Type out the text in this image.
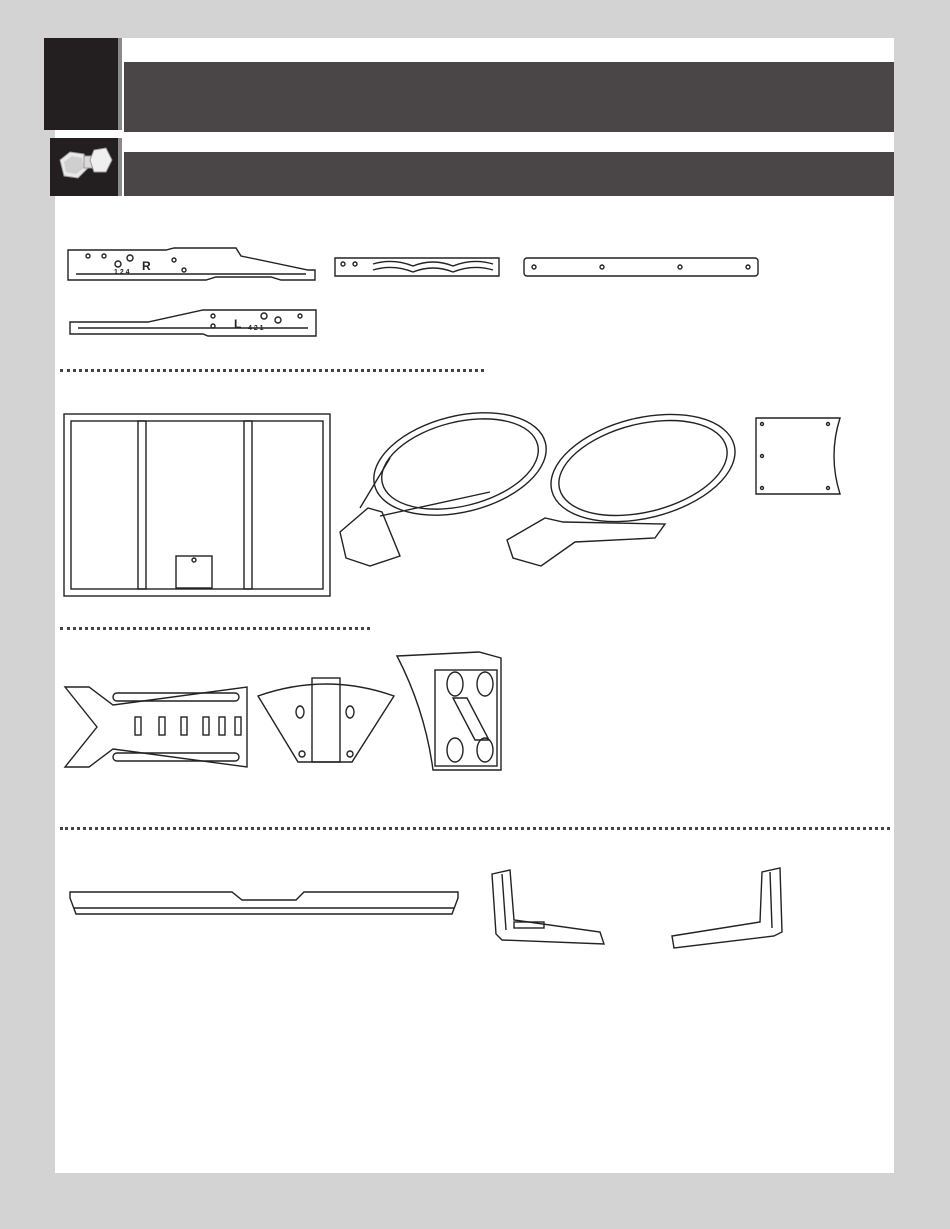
R
1 2 4
L 4 2 1
